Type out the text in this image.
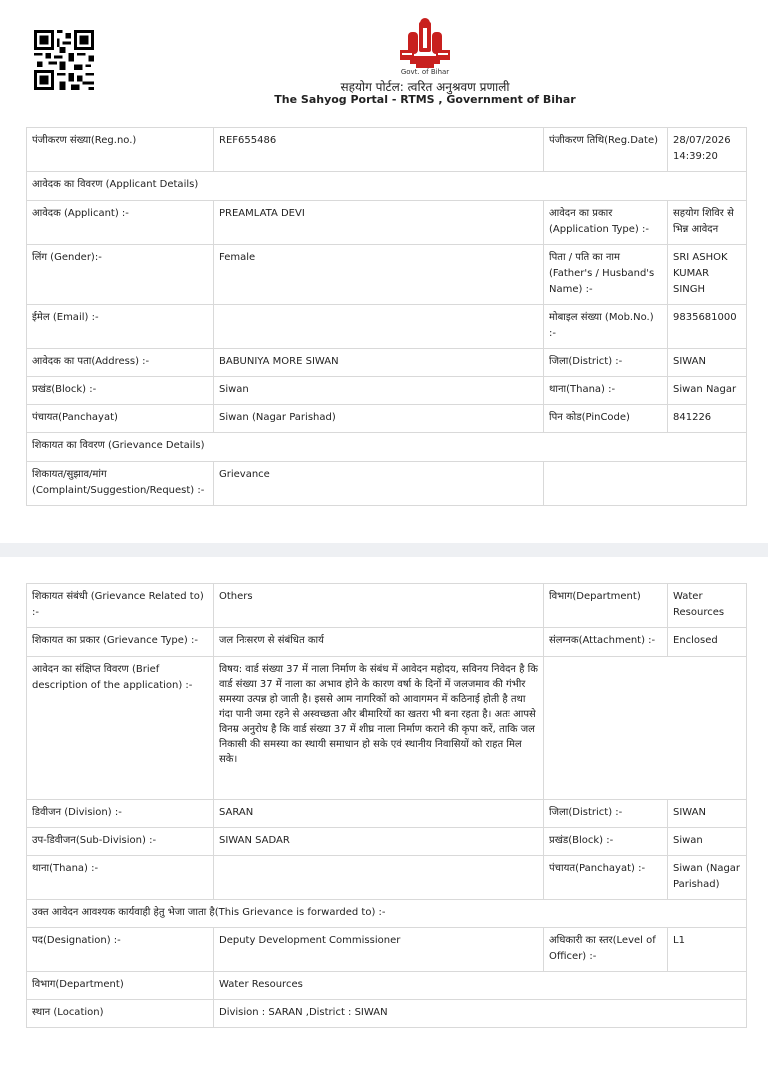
Govt. of Bihar
सहयोग पोर्टल: त्वरित अनुश्रवण प्रणाली
The Sahyog Portal - RTMS , Government of Bihar
पंजीकरण संख्या(Reg.no.)	REF655486	पंजीकरण तिथि(Reg.Date)	28/07/2026 14:39:20
आवेदक का विवरण (Applicant Details)			
आवेदक (Applicant) :-	PREAMLATA DEVI	आवेदन का प्रकार (Application Type) :-	सहयोग शिविर से भिन्न आवेदन
लिंग (Gender):-	Female	पिता / पति का नाम (Father's / Husband's Name) :-	SRI ASHOK KUMAR SINGH
ईमेल (Email) :-		मोबाइल संख्या (Mob.No.) :-	9835681000
आवेदक का पता(Address) :-	BABUNIYA MORE SIWAN	जिला(District) :-	SIWAN
प्रखंड(Block) :-	Siwan	थाना(Thana) :-	Siwan Nagar
पंचायत(Panchayat)	Siwan (Nagar Parishad)	पिन कोड(PinCode)	841226
शिकायत का विवरण (Grievance Details)			
शिकायत/सुझाव/मांग (Complaint/Suggestion/Request) :-	Grievance		
शिकायत संबंधी (Grievance Related to) :-	Others	विभाग(Department)	Water Resources
शिकायत का प्रकार (Grievance Type) :-	जल निःसरण से संबंधित कार्य	संलग्नक(Attachment) :-	Enclosed
आवेदन का संक्षिप्त विवरण (Brief description of the application) :-	विषय: वार्ड संख्या 37 में नाला निर्माण के संबंध में आवेदन महोदय, सविनय निवेदन है कि वार्ड संख्या 37 में नाला का अभाव होने के कारण वर्षा के दिनों में जलजमाव की गंभीर समस्या उत्पन्न हो जाती है। इससे आम नागरिकों को आवागमन में कठिनाई होती है तथा गंदा पानी जमा रहने से अस्वच्छता और बीमारियों का खतरा भी बना रहता है। अतः आपसे विनम्र अनुरोध है कि वार्ड संख्या 37 में शीघ्र नाला निर्माण कराने की कृपा करें, ताकि जल निकासी की समस्या का स्थायी समाधान हो सके एवं स्थानीय निवासियों को राहत मिल सके।		
डिवीजन (Division) :-	SARAN	जिला(District) :-	SIWAN
उप-डिवीजन(Sub-Division) :-	SIWAN SADAR	प्रखंड(Block) :-	Siwan
थाना(Thana) :-		पंचायत(Panchayat) :-	Siwan (Nagar Parishad)
उक्त आवेदन आवश्यक कार्यवाही हेतु भेजा जाता है(This Grievance is forwarded to) :-			
पद(Designation) :-	Deputy Development Commissioner	अधिकारी का स्तर(Level of Officer) :-	L1
विभाग(Department)	Water Resources		
स्थान (Location)	Division : SARAN ,District : SIWAN		
